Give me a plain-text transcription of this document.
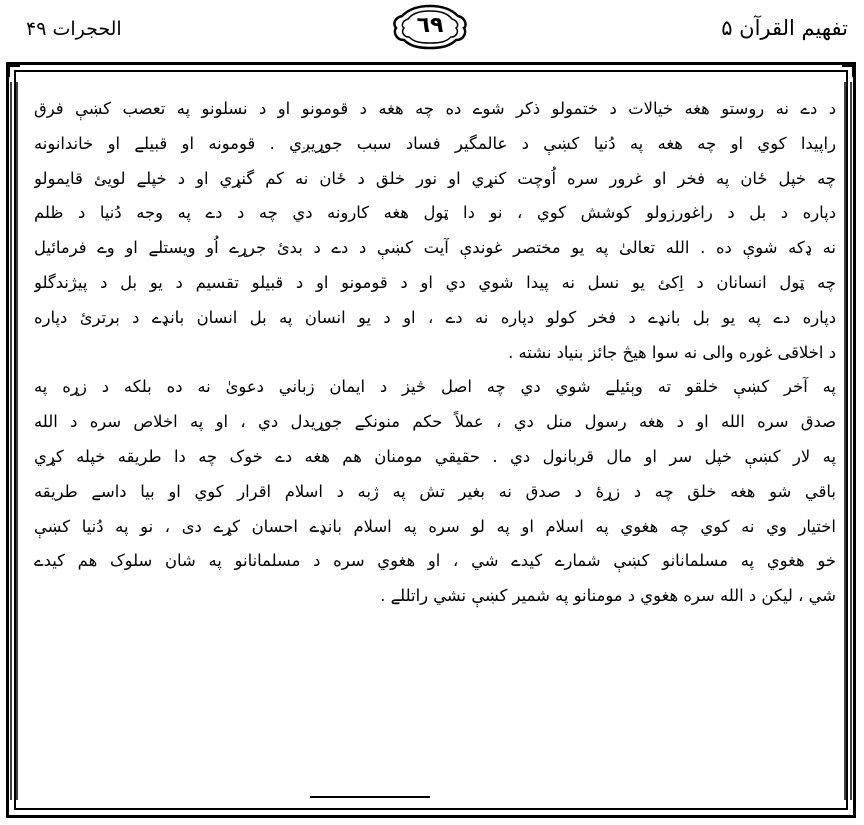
الحجرات ۴۹	٦٩	تفهيم القرآن ۵
د دے نه روستو هغه خيالات د ختمولو ذکر شوے ده چه هغه د قومونو او د نسلونو په تعصب کښې فرق
راپيدا کوي او چه هغه په دُنيا کښې د عالمگير فساد سبب جوړيږي . قومونه او قبيلے او خاندانونه
چه خپل ځان په فخر او غرور سره اُوچت کنړي او نور خلق د ځان نه کم گنړي او د خپلے لويئ قايمولو
دپاره د بل د راغورزولو کوشش کوي ، نو دا ټول هغه کارونه دي چه د دے په وجه دُنيا د ظلم
نه ډکه شوې ده . الله تعالیٰ په يو مختصر غوندې آيت کښې د دے د بدئ جرړے اُو ويستلے او وے فرمائيل
چه ټول انسانان د اِکئ يو نسل نه پيدا شوي دي او د قومونو او د قبيلو تقسيم د يو بل د پيژندگلو
دپاره دے په يو بل بانډے د فخر کولو دپاره نه دے ، او د يو انسان په بل انسان بانډے د برترئ دپاره
د اخلاقی غوره والی نه سوا هيڅ جائز بنياد نشته .
په آخر کښې خلقو ته وېئيلے شوي دي چه اصل څيز د ايمان زباني دعوىٰ نه ده بلکه د زړه په
صدق سره الله او د هغه رسول منل دي ، عملاً حکم منونکے جوړيدل دي ، او په اخلاص سره د الله
په لار کښې خپل سر او مال قربانول دي . حقيقي مومنان هم هغه دے خوک چه دا طريقه خپله کړي
باقي شو هغه خلق چه د زړهٔ د صدق نه بغير تش په ژبه د اسلام اقرار کوي او بيا داسے طريقه
اختيار وي نه کوي چه هغوي په اسلام او په لو سره په اسلام بانډے احسان کړے دی ، نو په دُنيا کښې
خو هغوي په مسلمانانو کښې شمارے کيدے شي ، او هغوي سره د مسلمانانو په شان سلوک هم کيدے
شي ، ليکن د الله سره هغوي د مومنانو په شمير کښې نشي راتللے .
